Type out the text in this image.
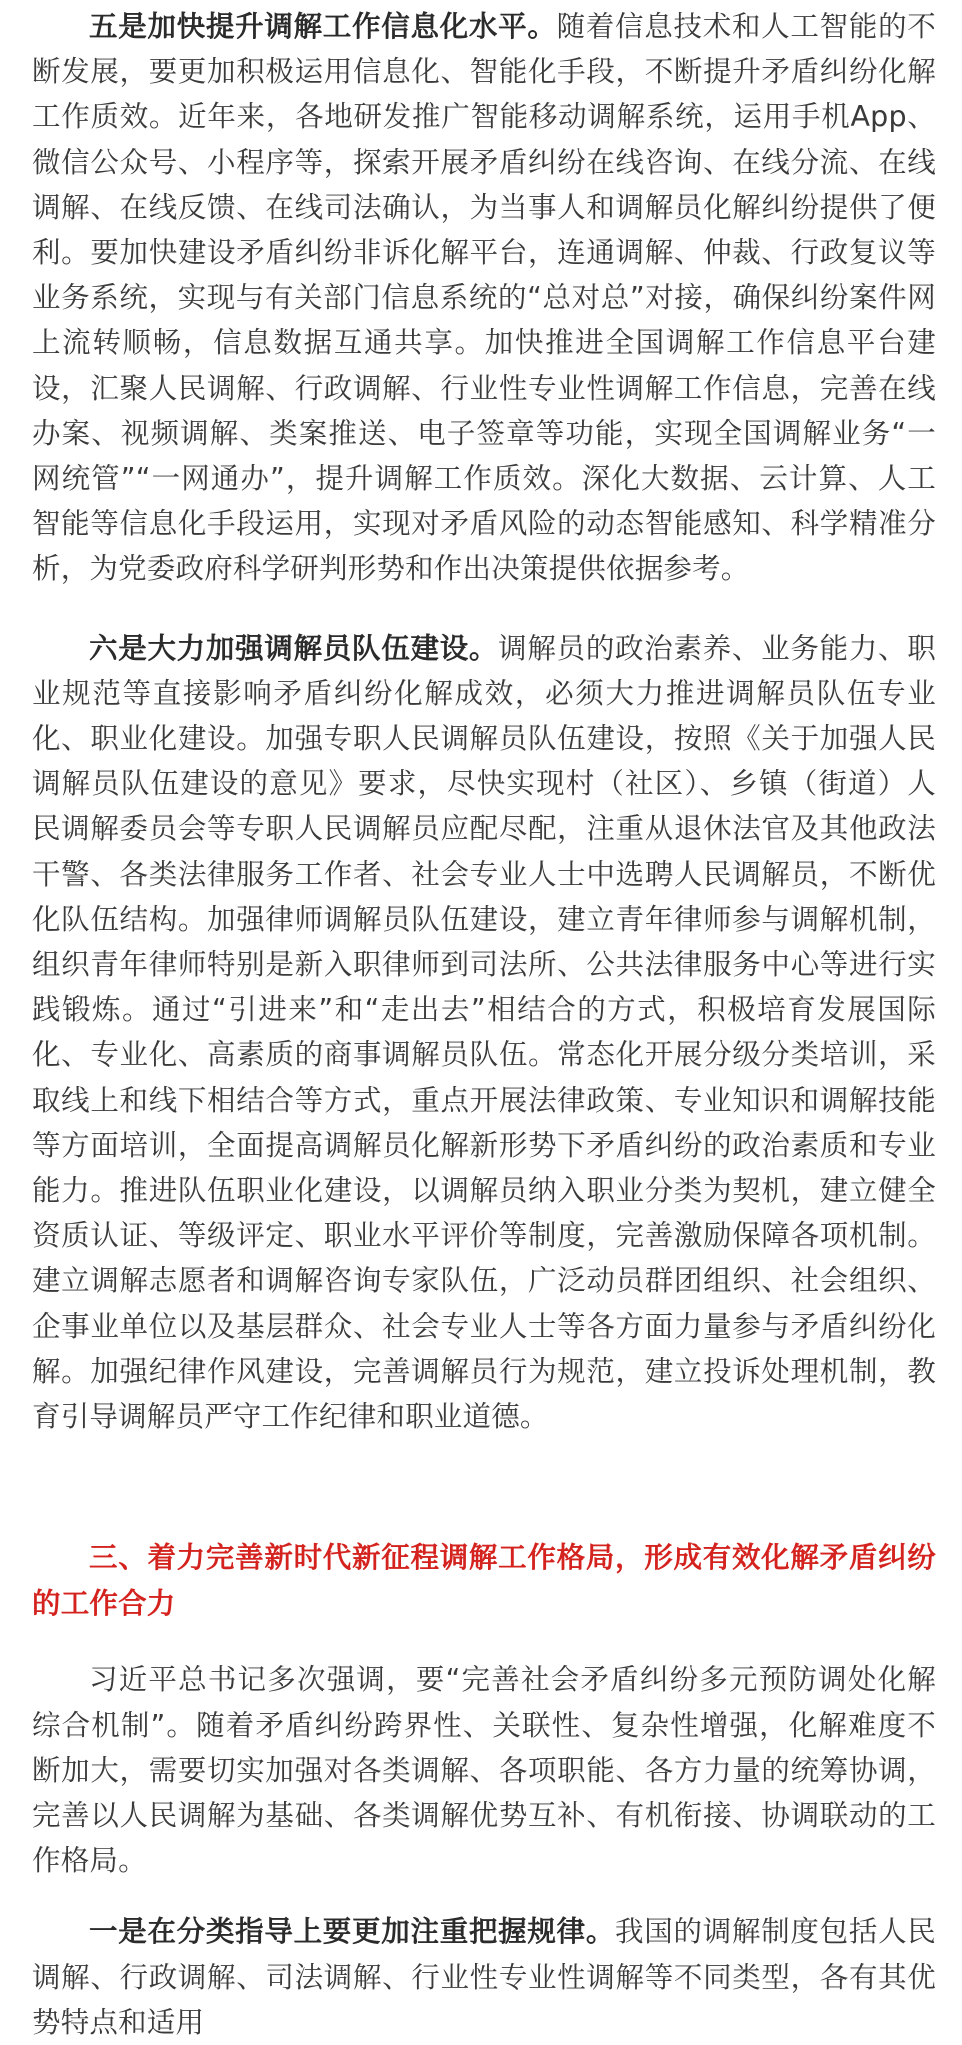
五是加快提升调解工作信息化水平。随着信息技术和人工智能的不断发展，要更加积极运用信息化、智能化手段，不断提升矛盾纠纷化解工作质效。近年来，各地研发推广智能移动调解系统，运用手机App、微信公众号、小程序等，探索开展矛盾纠纷在线咨询、在线分流、在线调解、在线反馈、在线司法确认，为当事人和调解员化解纠纷提供了便利。要加快建设矛盾纠纷非诉化解平台，连通调解、仲裁、行政复议等业务系统，实现与有关部门信息系统的“总对总”对接，确保纠纷案件网上流转顺畅，信息数据互通共享。加快推进全国调解工作信息平台建设，汇聚人民调解、行政调解、行业性专业性调解工作信息，完善在线办案、视频调解、类案推送、电子签章等功能，实现全国调解业务“一网统管”“一网通办”，提升调解工作质效。深化大数据、云计算、人工智能等信息化手段运用，实现对矛盾风险的动态智能感知、科学精准分析，为党委政府科学研判形势和作出决策提供依据参考。

六是大力加强调解员队伍建设。调解员的政治素养、业务能力、职业规范等直接影响矛盾纠纷化解成效，必须大力推进调解员队伍专业化、职业化建设。加强专职人民调解员队伍建设，按照《关于加强人民调解员队伍建设的意见》要求，尽快实现村（社区）、乡镇（街道）人民调解委员会等专职人民调解员应配尽配，注重从退休法官及其他政法干警、各类法律服务工作者、社会专业人士中选聘人民调解员，不断优化队伍结构。加强律师调解员队伍建设，建立青年律师参与调解机制，组织青年律师特别是新入职律师到司法所、公共法律服务中心等进行实践锻炼。通过“引进来”和“走出去”相结合的方式，积极培育发展国际化、专业化、高素质的商事调解员队伍。常态化开展分级分类培训，采取线上和线下相结合等方式，重点开展法律政策、专业知识和调解技能等方面培训，全面提高调解员化解新形势下矛盾纠纷的政治素质和专业能力。推进队伍职业化建设，以调解员纳入职业分类为契机，建立健全资质认证、等级评定、职业水平评价等制度，完善激励保障各项机制。建立调解志愿者和调解咨询专家队伍，广泛动员群团组织、社会组织、企事业单位以及基层群众、社会专业人士等各方面力量参与矛盾纠纷化解。加强纪律作风建设，完善调解员行为规范，建立投诉处理机制，教育引导调解员严守工作纪律和职业道德。

三、着力完善新时代新征程调解工作格局，形成有效化解矛盾纠纷的工作合力

习近平总书记多次强调，要“完善社会矛盾纠纷多元预防调处化解综合机制”。随着矛盾纠纷跨界性、关联性、复杂性增强，化解难度不断加大，需要切实加强对各类调解、各项职能、各方力量的统筹协调，完善以人民调解为基础、各类调解优势互补、有机衔接、协调联动的工作格局。

一是在分类指导上要更加注重把握规律。我国的调解制度包括人民调解、行政调解、司法调解、行业性专业性调解等不同类型，各有其优势特点和适用
